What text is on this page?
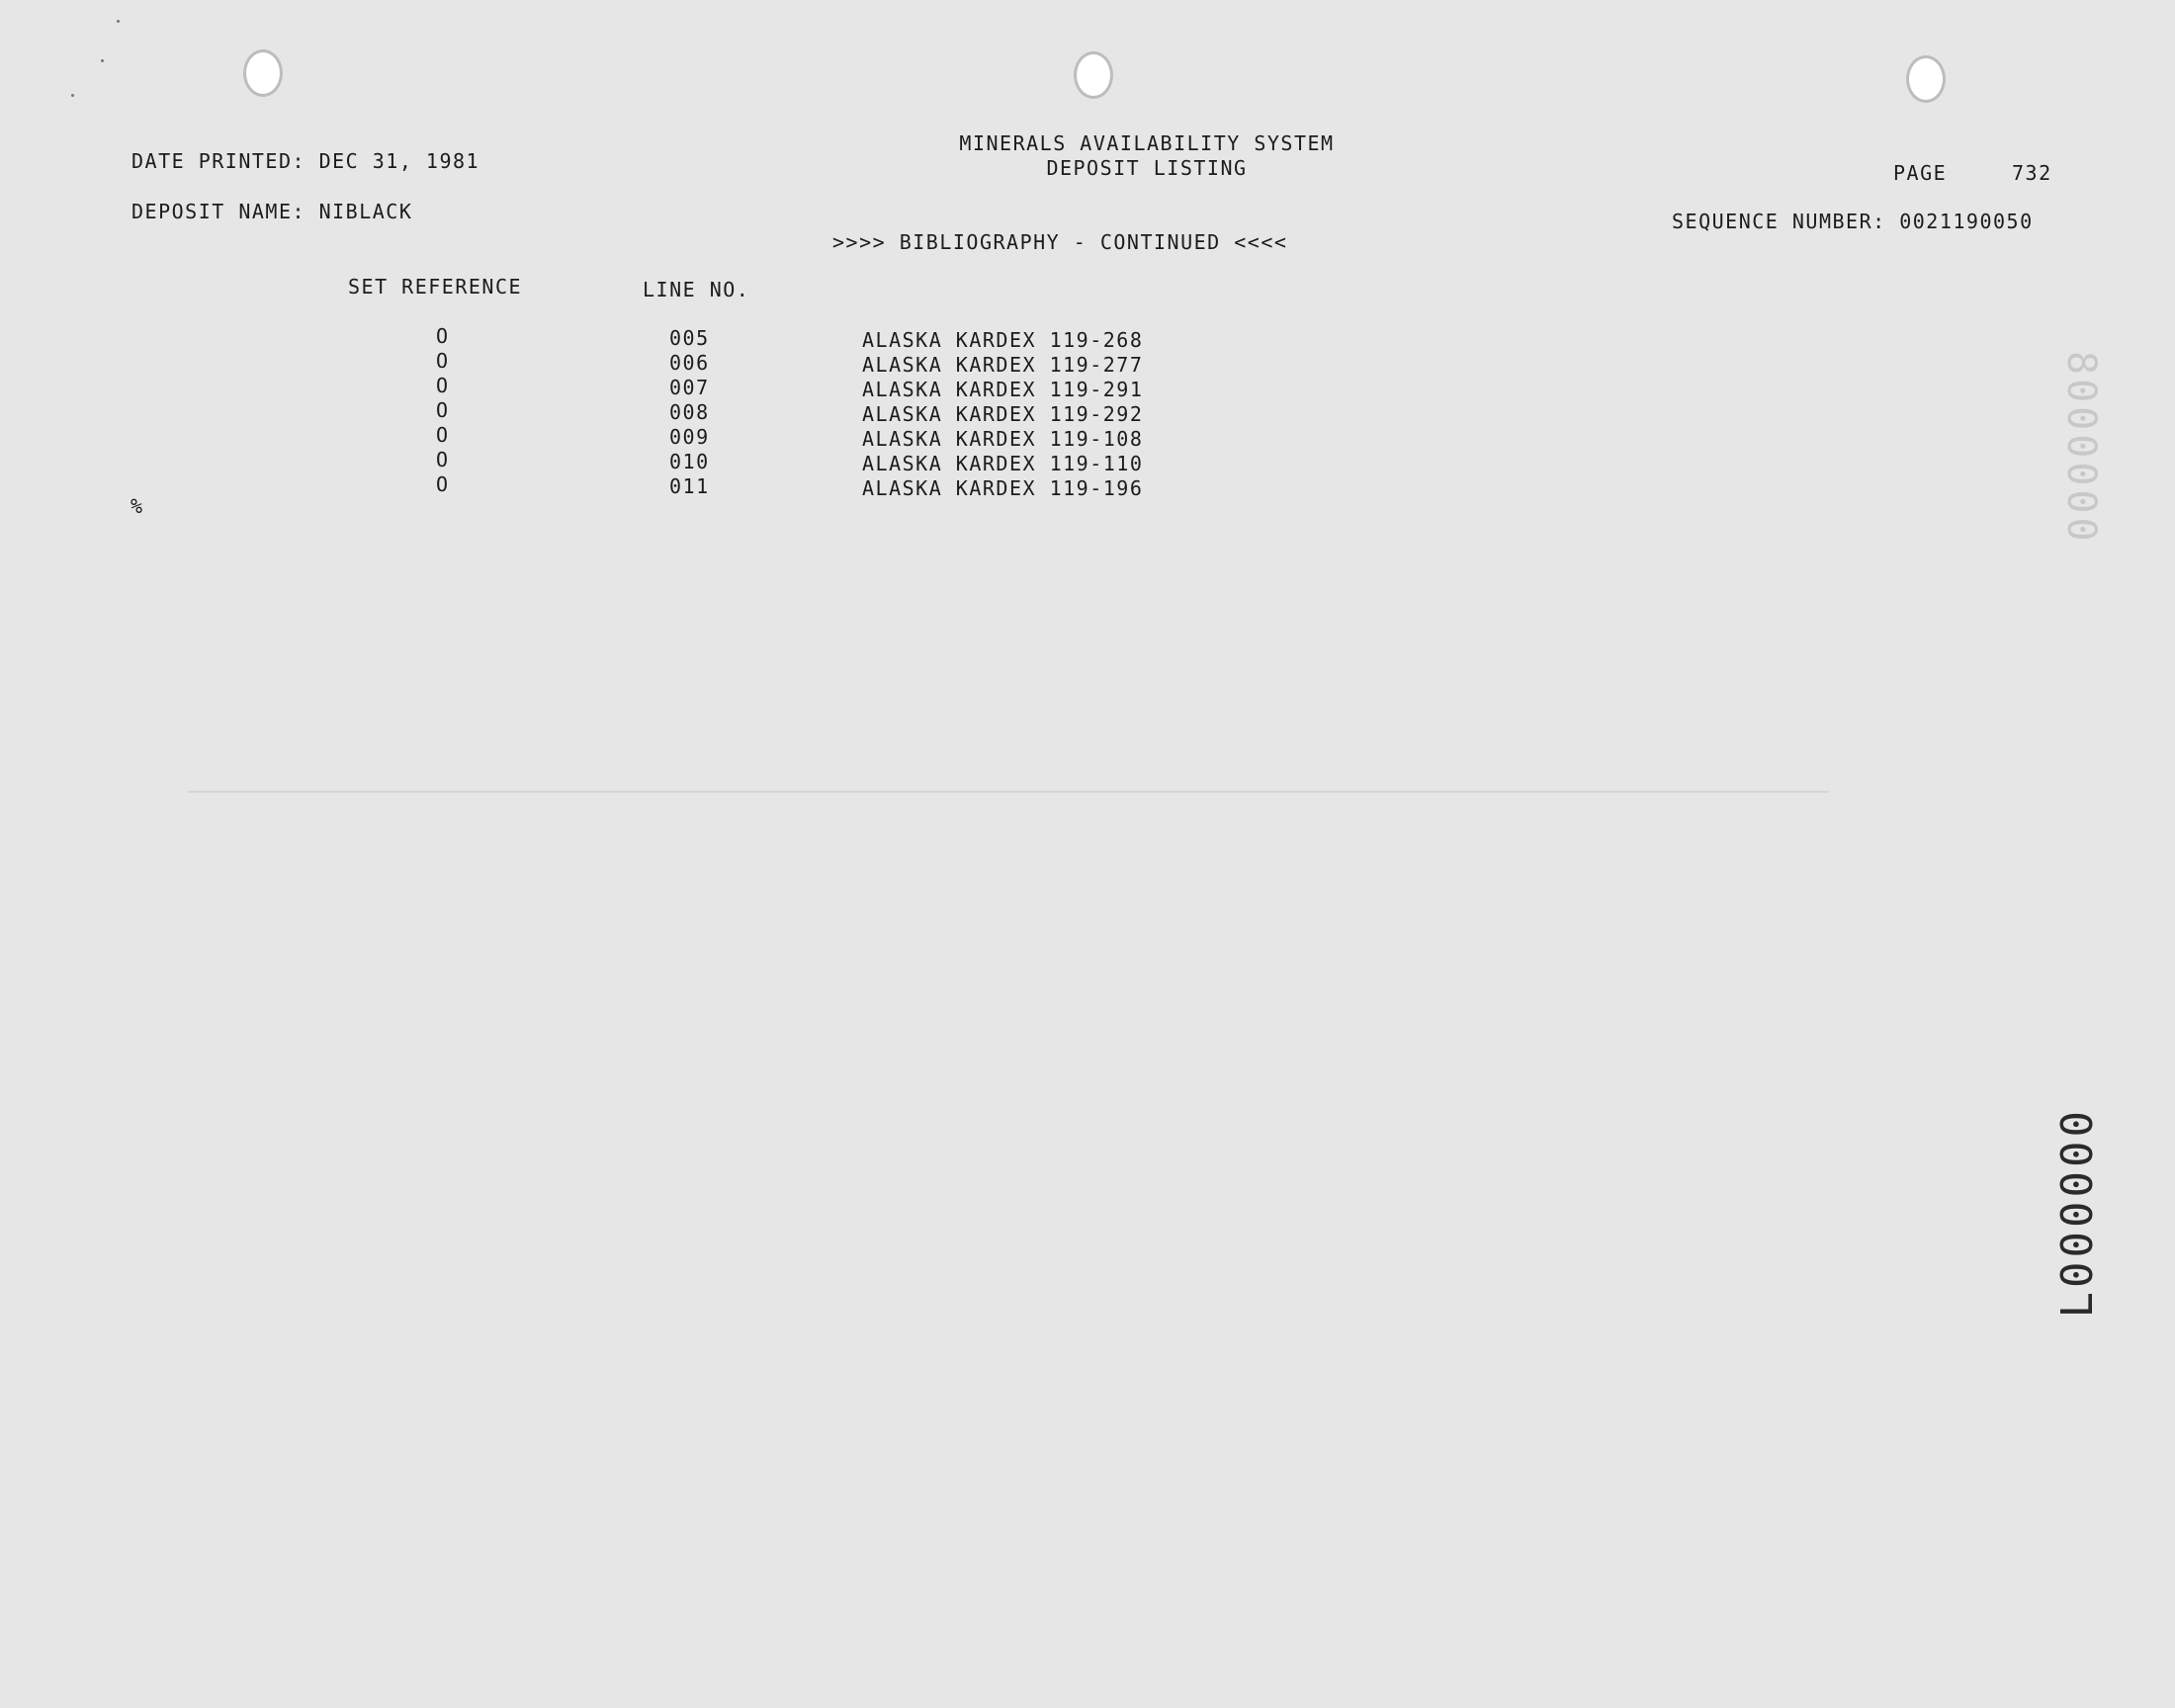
DATE PRINTED: DEC 31, 1981
MINERALS AVAILABILITY SYSTEM
DEPOSIT LISTING	PAGE	732
DEPOSIT NAME: NIBLACK	SEQUENCE NUMBER: 0021190050
>>>> BIBLIOGRAPHY - CONTINUED <<<<
SET REFERENCE	LINE NO.
O	005	ALASKA KARDEX 119-268
O	006	ALASKA KARDEX 119-277
O	007	ALASKA KARDEX 119-291
O	008	ALASKA KARDEX 119-292
O	009	ALASKA KARDEX 119-108
O	010	ALASKA KARDEX 119-110
O	011	ALASKA KARDEX 119-196
%	8000000
L000000
